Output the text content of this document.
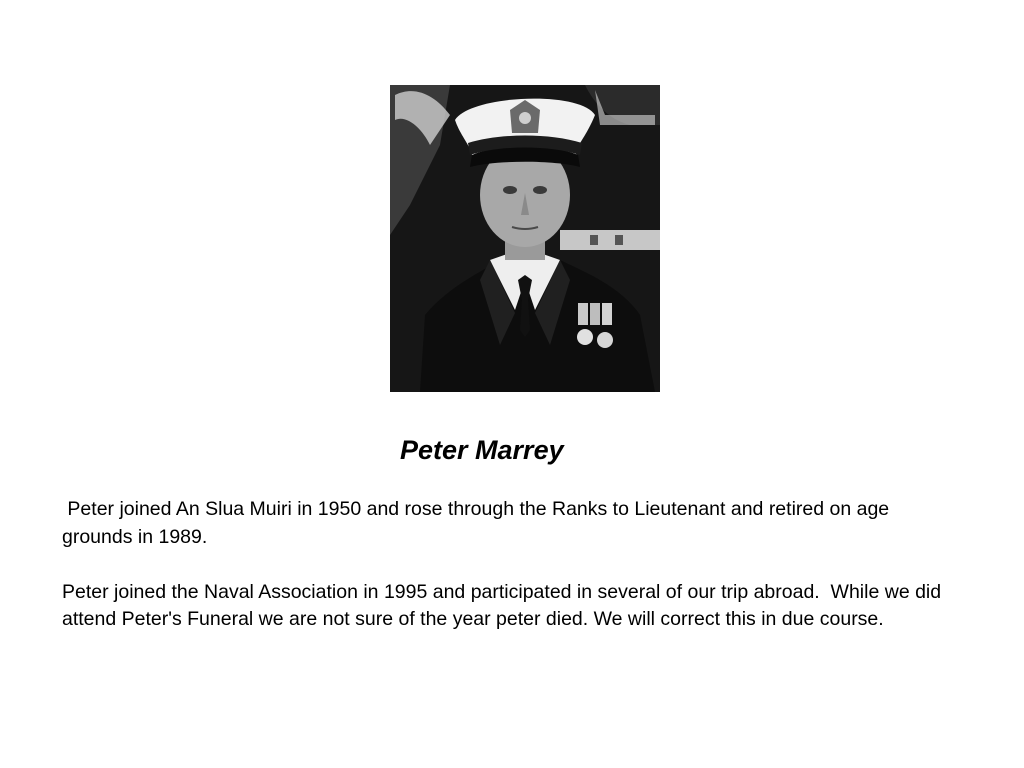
Peter Marrey

Peter joined An Slua Muiri in 1950 and rose through the Ranks to Lieutenant and retired on age grounds in 1989.

Peter joined the Naval Association in 1995 and participated in several of our trip abroad.  While we did attend Peter's Funeral we are not sure of the year peter died. We will correct this in due course.
